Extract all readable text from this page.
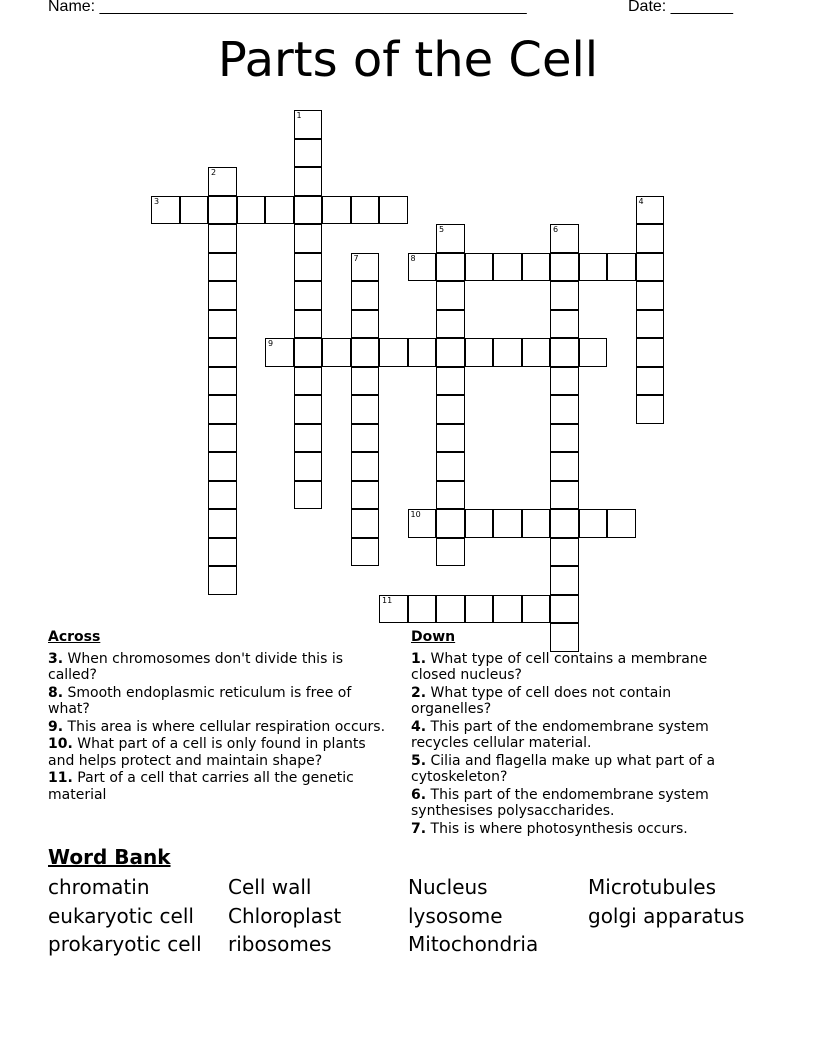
Name: ________________________________________________	Date: _______
Parts of the Cell
1
2
3	4
5	6
7	8
9
10
11
Across
3. When chromosomes don't divide this is called?
8. Smooth endoplasmic reticulum is free of what?
9. This area is where cellular respiration occurs.
10. What part of a cell is only found in plants and helps protect and maintain shape?
11. Part of a cell that carries all the genetic material
Down
1. What type of cell contains a membrane closed nucleus?
2. What type of cell does not contain organelles?
4. This part of the endomembrane system recycles cellular material.
5. Cilia and flagella make up what part of a cytoskeleton?
6. This part of the endomembrane system synthesises polysaccharides.
7. This is where photosynthesis occurs.
Word Bank
chromatin	Cell wall	Nucleus	Microtubules
eukaryotic cell	Chloroplast	lysosome	golgi apparatus
prokaryotic cell	ribosomes	Mitochondria
